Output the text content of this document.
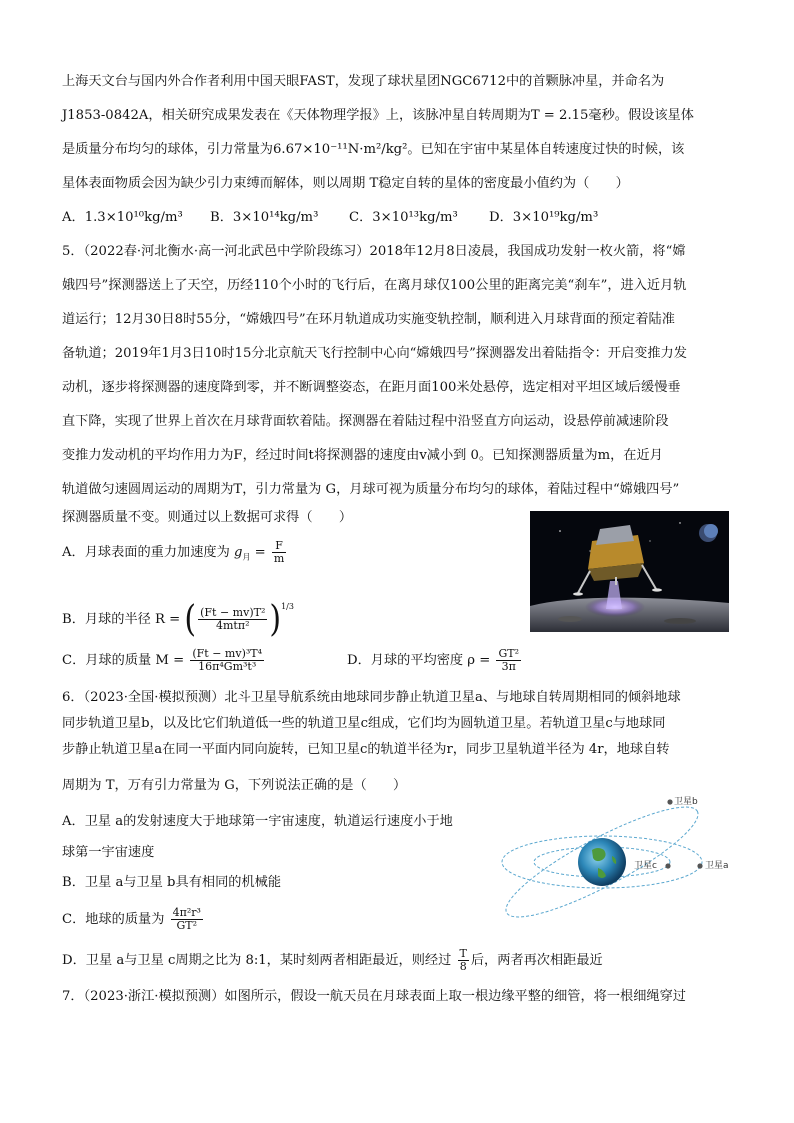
上海天文台与国内外合作者利用中国天眼FAST，发现了球状星团NGC6712中的首颗脉冲星，并命名为
J1853-0842A，相关研究成果发表在《天体物理学报》上，该脉冲星自转周期为T = 2.15毫秒。假设该星体
是质量分布均匀的球体，引力常量为6.67×10⁻¹¹N·m²/kg²。已知在宇宙中某星体自转速度过快的时候，该
星体表面物质会因为缺少引力束缚而解体，则以周期 T稳定自转的星体的密度最小值约为（　　）
A．1.3×10¹⁰kg/m³ B．3×10¹⁴kg/m³ C．3×10¹³kg/m³ D．3×10¹⁹kg/m³
5．（2022春·河北衡水·高一河北武邑中学阶段练习）2018年12月8日凌晨，我国成功发射一枚火箭，将“嫦
娥四号”探测器送上了天空，历经110个小时的飞行后，在离月球仅100公里的距离完美“刹车”，进入近月轨
道运行；12月30日8时55分，“嫦娥四号”在环月轨道成功实施变轨控制，顺利进入月球背面的预定着陆准
备轨道；2019年1月3日10时15分北京航天飞行控制中心向“嫦娥四号”探测器发出着陆指令：开启变推力发
动机，逐步将探测器的速度降到零，并不断调整姿态，在距月面100米处悬停，选定相对平坦区域后缓慢垂
直下降，实现了世界上首次在月球背面软着陆。探测器在着陆过程中沿竖直方向运动，设悬停前减速阶段
变推力发动机的平均作用力为F，经过时间t将探测器的速度由v减小到 0。已知探测器质量为m，在近月
轨道做匀速圆周运动的周期为T，引力常量为 G，月球可视为质量分布均匀的球体，着陆过程中“嫦娥四号”
探测器质量不变。则通过以上数据可求得（　　）
A．月球表面的重力加速度为 $g_月 = \frac{F}{m}$
B．月球的半径 R = ( $\frac{\text{(Ft − mv)T²}}{\text{4mtπ²}} )^{1/3}$
C．月球的质量 $M = \frac{\text{(Ft − mv)³T⁴}}{\text{16π⁴Gm³t³}}$	D．月球的平均密度 $\rho = \frac{\text{GT²}}{3\pi}$
6．（2023·全国·模拟预测）北斗卫星导航系统由地球同步静止轨道卫星a、与地球自转周期相同的倾斜地球
同步轨道卫星b，以及比它们轨道低一些的轨道卫星c组成，它们均为圆轨道卫星。若轨道卫星c与地球同
步静止轨道卫星a在同一平面内同向旋转，已知卫星c的轨道半径为r，同步卫星轨道半径为 4r，地球自转
周期为 T，万有引力常量为 G，下列说法正确的是（　　）
A．卫星 a的发射速度大于地球第一宇宙速度，轨道运行速度小于地
球第一宇宙速度
B．卫星 a与卫星 b具有相同的机械能
C．地球的质量为 $\frac{\text{4π²r³}}{\text{GT²}}$
D．卫星 a与卫星 c周期之比为 8:1，某时刻两者相距最近，则经过 $\frac{T}{8}$ 后，两者再次相距最近
卫星b
卫星c	卫星a
7．（2023·浙江·模拟预测）如图所示，假设一航天员在月球表面上取一根边缘平整的细管，将一根细绳穿过
